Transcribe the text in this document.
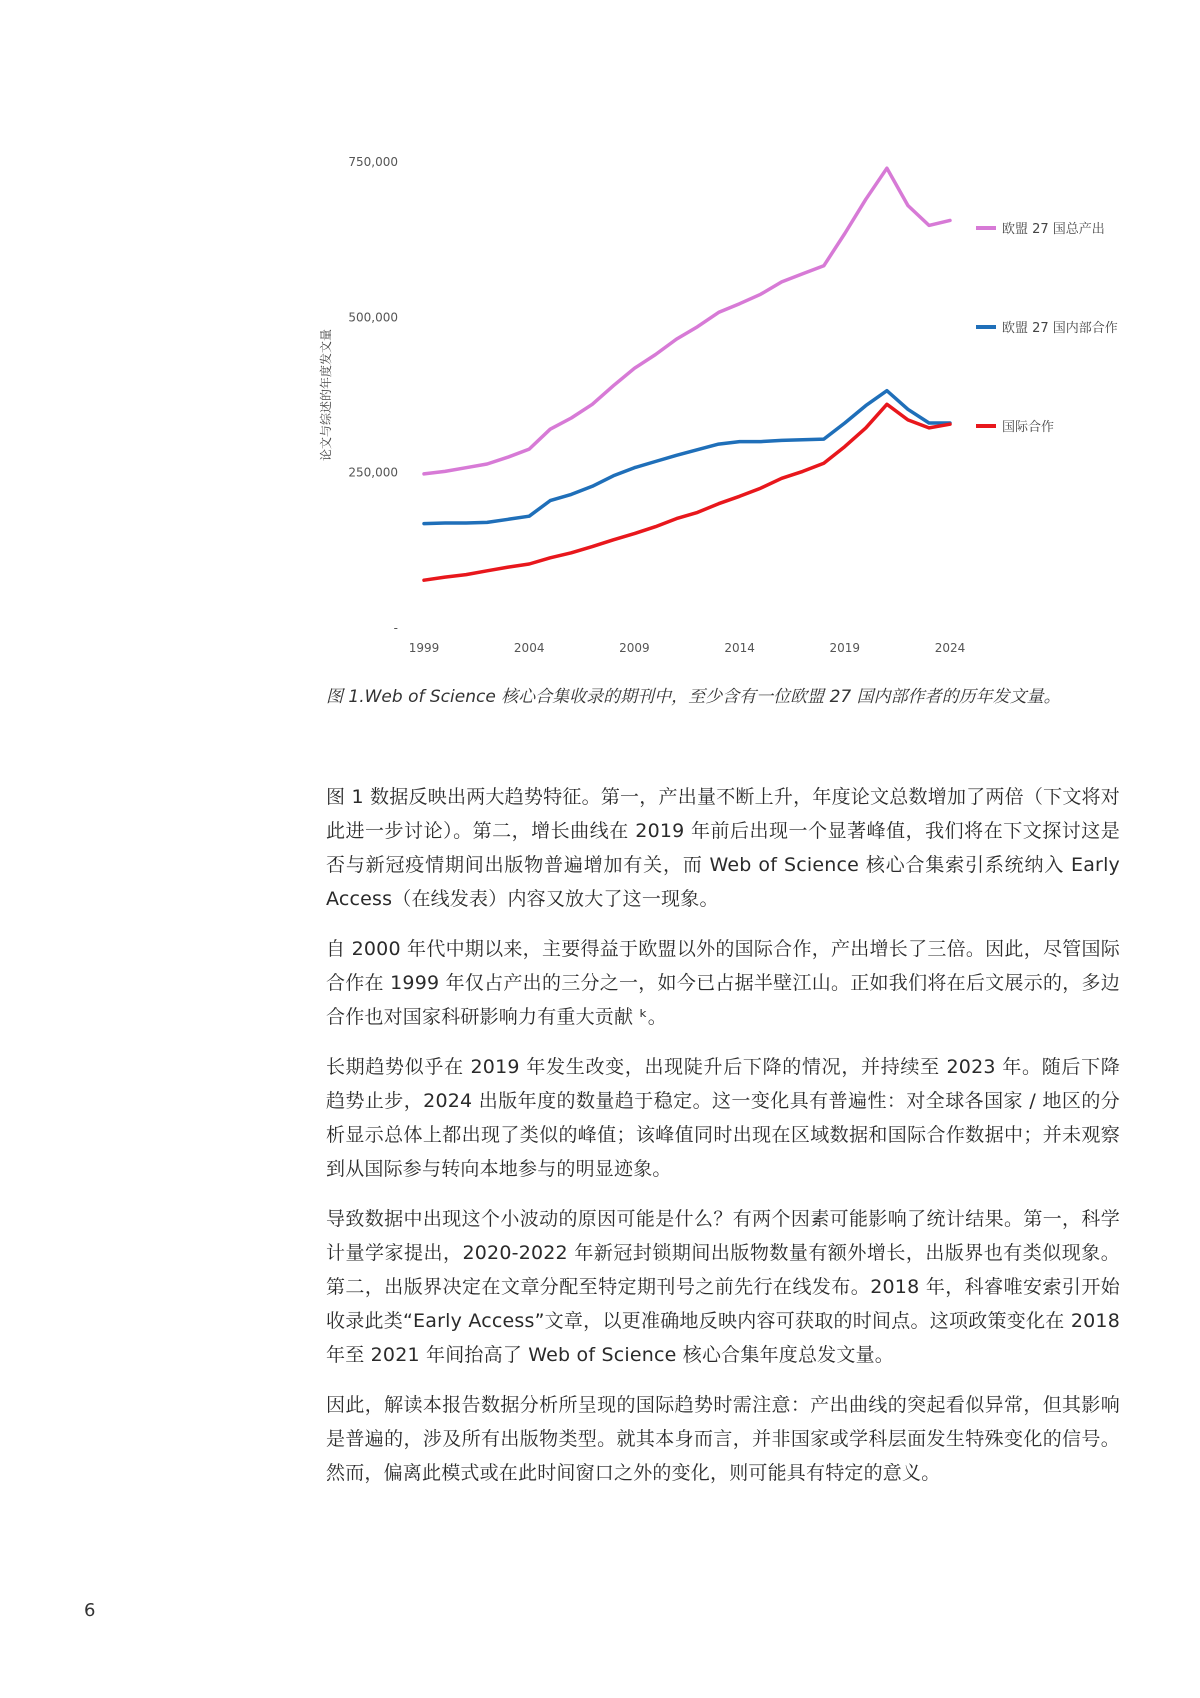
论文与综述的年度发文量
750,000
500,000
250,000
-
1999	2004	2009	2014	2019	2024
欧盟 27 国总产出
欧盟 27 国内部合作
国际合作
图 1.Web of Science 核心合集收录的期刊中，至少含有一位欧盟 27 国内部作者的历年发文量。

图 1 数据反映出两大趋势特征。第一，产出量不断上升，年度论文总数增加了两倍（下文将对此进一步讨论）。第二，增长曲线在 2019 年前后出现一个显著峰值，我们将在下文探讨这是否与新冠疫情期间出版物普遍增加有关，而 Web of Science 核心合集索引系统纳入 Early Access（在线发表）内容又放大了这一现象。

自 2000 年代中期以来，主要得益于欧盟以外的国际合作，产出增长了三倍。因此，尽管国际合作在 1999 年仅占产出的三分之一，如今已占据半壁江山。正如我们将在后文展示的，多边合作也对国家科研影响力有重大贡献 ᵏ。

长期趋势似乎在 2019 年发生改变，出现陡升后下降的情况，并持续至 2023 年。随后下降趋势止步，2024 出版年度的数量趋于稳定。这一变化具有普遍性：对全球各国家 / 地区的分析显示总体上都出现了类似的峰值；该峰值同时出现在区域数据和国际合作数据中；并未观察到从国际参与转向本地参与的明显迹象。

导致数据中出现这个小波动的原因可能是什么？有两个因素可能影响了统计结果。第一，科学计量学家提出，2020-2022 年新冠封锁期间出版物数量有额外增长，出版界也有类似现象。第二，出版界决定在文章分配至特定期刊号之前先行在线发布。2018 年，科睿唯安索引开始收录此类“Early Access”文章，以更准确地反映内容可获取的时间点。这项政策变化在 2018 年至 2021 年间抬高了 Web of Science 核心合集年度总发文量。

因此，解读本报告数据分析所呈现的国际趋势时需注意：产出曲线的突起看似异常，但其影响是普遍的，涉及所有出版物类型。就其本身而言，并非国家或学科层面发生特殊变化的信号。然而，偏离此模式或在此时间窗口之外的变化，则可能具有特定的意义。

6
